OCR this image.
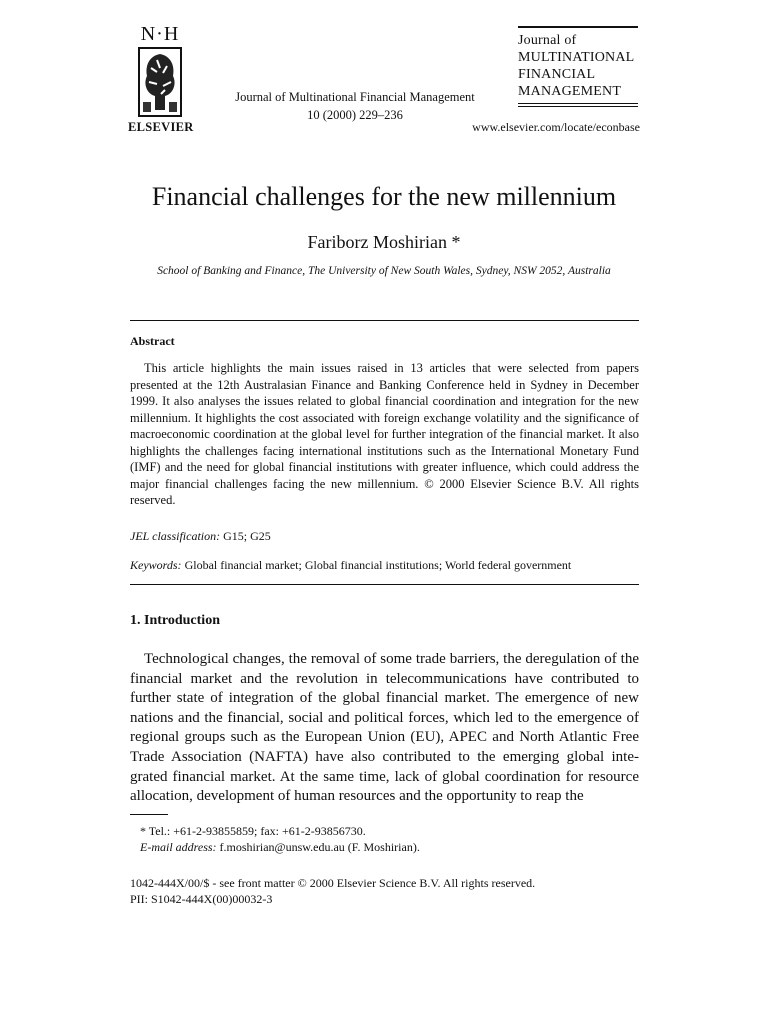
N·H
ELSEVIER
Journal of Multinational Financial Management
10 (2000) 229–236
Journal of
MULTINATIONAL
FINANCIAL
MANAGEMENT
www.elsevier.com/locate/econbase
Financial challenges for the new millennium
Fariborz Moshirian *
School of Banking and Finance, The University of New South Wales, Sydney, NSW 2052, Australia
Abstract
This article highlights the main issues raised in 13 articles that were selected from papers presented at the 12th Australasian Finance and Banking Conference held in Sydney in December 1999. It also analyses the issues related to global financial coordination and integration for the new millennium. It highlights the cost associated with foreign exchange volatility and the significance of macroeconomic coordination at the global level for further integration of the financial market. It also highlights the challenges facing international institutions such as the International Monetary Fund (IMF) and the need for global financial institutions with greater influence, which could address the major financial challenges facing the new millennium. © 2000 Elsevier Science B.V. All rights reserved.
JEL classification: G15; G25
Keywords: Global financial market; Global financial institutions; World federal government
1. Introduction
Technological changes, the removal of some trade barriers, the deregulation of the financial market and the revolution in telecommunications have contributed to further state of integration of the global financial market. The emergence of new nations and the financial, social and political forces, which led to the emergence of regional groups such as the European Union (EU), APEC and North Atlantic Free Trade Association (NAFTA) have also contributed to the emerging global inte-grated financial market. At the same time, lack of global coordination for resource allocation, development of human resources and the opportunity to reap the
* Tel.: +61-2-93855859; fax: +61-2-93856730.
E-mail address: f.moshirian@unsw.edu.au (F. Moshirian).
1042-444X/00/$ - see front matter © 2000 Elsevier Science B.V. All rights reserved.
PII: S1042-444X(00)00032-3
